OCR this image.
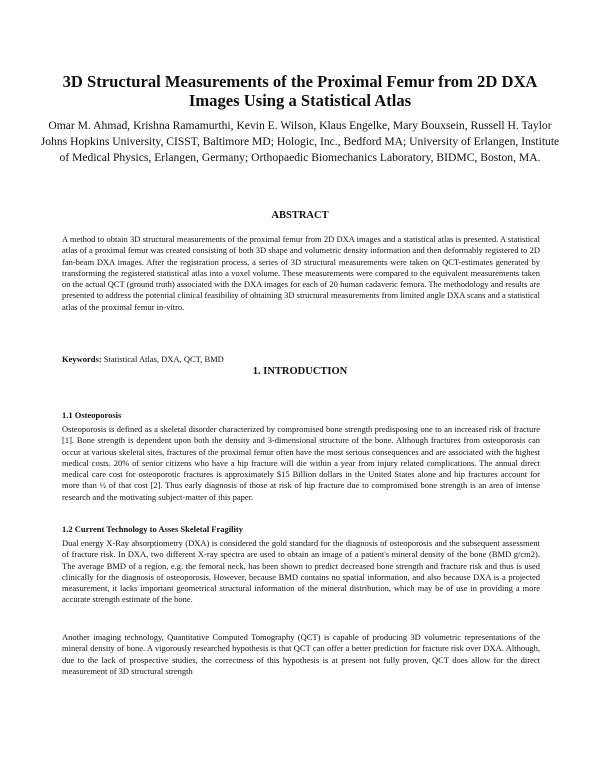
3D Structural Measurements of the Proximal Femur from 2D DXA Images Using a Statistical Atlas
Omar M. Ahmad, Krishna Ramamurthi, Kevin E. Wilson, Klaus Engelke, Mary Bouxsein, Russell H. Taylor
Johns Hopkins University, CISST, Baltimore MD; Hologic, Inc., Bedford MA; University of Erlangen, Institute of Medical Physics, Erlangen, Germany; Orthopaedic Biomechanics Laboratory, BIDMC, Boston, MA.
ABSTRACT
A method to obtain 3D structural measurements of the proximal femur from 2D DXA images and a statistical atlas is presented. A statistical atlas of a proximal femur was created consisting of both 3D shape and volumetric density information and then deformably registered to 2D fan-beam DXA images. After the registration process, a series of 3D structural measurements were taken on QCT-estimates generated by transforming the registered statistical atlas into a voxel volume. These measurements were compared to the equivalent measurements taken on the actual QCT (ground truth) associated with the DXA images for each of 20 human cadaveric femora. The methodology and results are presented to address the potential clinical feasibility of obtaining 3D structural measurements from limited angle DXA scans and a statistical atlas of the proximal femur in-vitro.
Keywords: Statistical Atlas, DXA, QCT, BMD
1. INTRODUCTION
1.1 Osteoporosis
Osteoporosis is defined as a skeletal disorder characterized by compromised bone strength predisposing one to an increased risk of fracture [1]. Bone strength is dependent upon both the density and 3-dimensional structure of the bone. Although fractures from osteoporosis can occur at various skeletal sites, fractures of the proximal femur often have the most serious consequences and are associated with the highest medical costs. 20% of senior citizens who have a hip fracture will die within a year from injury related complications. The annual direct medical care cost for osteoporotic fractures is approximately $15 Billion dollars in the United States alone and hip fractures account for more than ½ of that cost [2]. Thus early diagnosis of those at risk of hip fracture due to compromised bone strength is an area of intense research and the motivating subject-matter of this paper.
1.2 Current Technology to Asses Skeletal Fragility
Dual energy X-Ray absorptiometry (DXA) is considered the gold standard for the diagnosis of osteoporosis and the subsequent assessment of fracture risk. In DXA, two different X-ray spectra are used to obtain an image of a patient's mineral density of the bone (BMD g/cm2). The average BMD of a region, e.g. the femoral neck, has been shown to predict decreased bone strength and fracture risk and thus is used clinically for the diagnosis of osteoporosis. However, because BMD contains no spatial information, and also because DXA is a projected measurement, it lacks important geometrical structural information of the mineral distribution, which may be of use in providing a more accurate strength estimate of the bone.
Another imaging technology, Quantitative Computed Tomography (QCT) is capable of producing 3D volumetric representations of the mineral density of bone. A vigorously researched hypothesis is that QCT can offer a better prediction for fracture risk over DXA. Although, due to the lack of prospective studies, the correctness of this hypothesis is at present not fully proven, QCT does allow for the direct measurement of 3D structural strength
